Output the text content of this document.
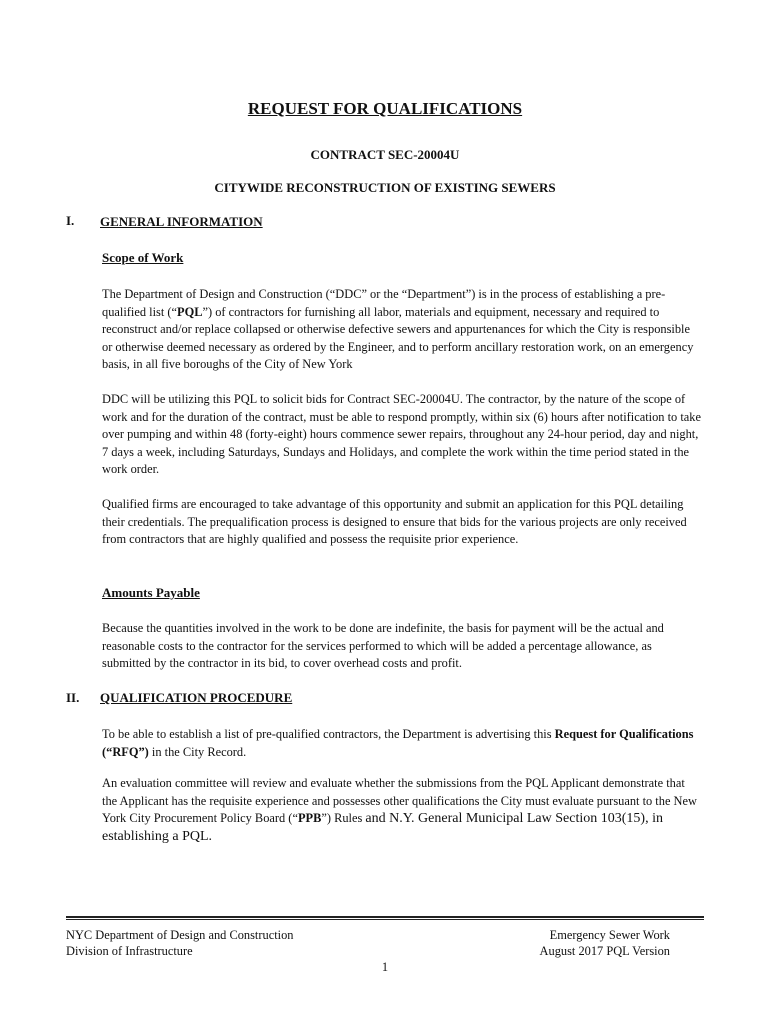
REQUEST FOR QUALIFICATIONS
CONTRACT SEC-20004U
CITYWIDE RECONSTRUCTION OF EXISTING SEWERS
I. GENERAL INFORMATION
Scope of Work
The Department of Design and Construction (“DDC” or the “Department”) is in the process of establishing a pre-qualified list (“PQL”) of contractors for furnishing all labor, materials and equipment, necessary and required to reconstruct and/or replace collapsed or otherwise defective sewers and appurtenances for which the City is responsible or otherwise deemed necessary as ordered by the Engineer, and to perform ancillary restoration work, on an emergency basis, in all five boroughs of the City of New York
DDC will be utilizing this PQL to solicit bids for Contract SEC-20004U. The contractor, by the nature of the scope of work and for the duration of the contract, must be able to respond promptly, within six (6) hours after notification to take over pumping and within 48 (forty-eight) hours commence sewer repairs, throughout any 24-hour period, day and night, 7 days a week, including Saturdays, Sundays and Holidays, and complete the work within the time period stated in the work order.
Qualified firms are encouraged to take advantage of this opportunity and submit an application for this PQL detailing their credentials. The prequalification process is designed to ensure that bids for the various projects are only received from contractors that are highly qualified and possess the requisite prior experience.
Amounts Payable
Because the quantities involved in the work to be done are indefinite, the basis for payment will be the actual and reasonable costs to the contractor for the services performed to which will be added a percentage allowance, as submitted by the contractor in its bid, to cover overhead costs and profit.
II. QUALIFICATION PROCEDURE
To be able to establish a list of pre-qualified contractors, the Department is advertising this Request for Qualifications (“RFQ”) in the City Record.
An evaluation committee will review and evaluate whether the submissions from the PQL Applicant demonstrate that the Applicant has the requisite experience and possesses other qualifications the City must evaluate pursuant to the New York City Procurement Policy Board (“PPB”) Rules and N.Y. General Municipal Law Section 103(15), in establishing a PQL.
NYC Department of Design and Construction
Division of Infrastructure
Emergency Sewer Work
August 2017 PQL Version
1
